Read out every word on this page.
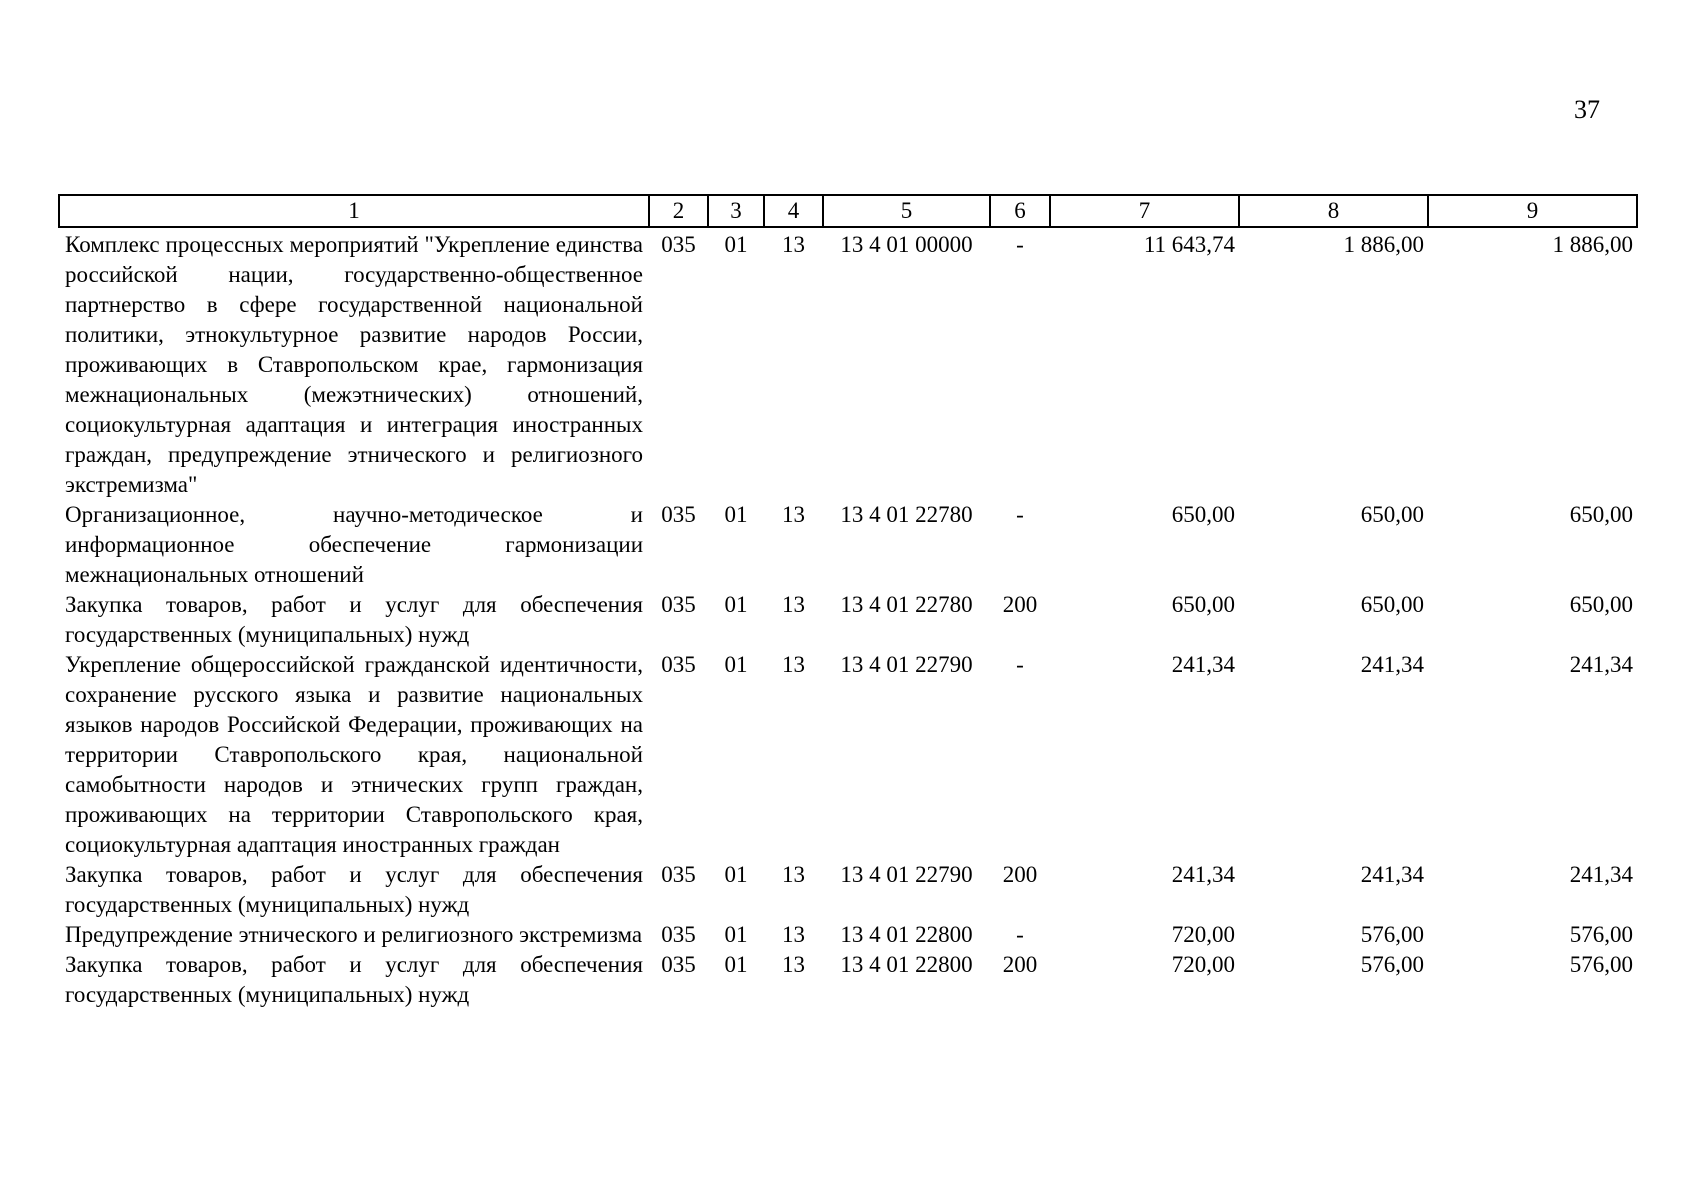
37
1	2	3	4	5	6	7	8	9
Комплекс процессных мероприятий "Укрепление единства российской нации, государственно-общественное партнерство в сфере государственной национальной политики, этнокультурное развитие народов России, проживающих в Ставропольском крае, гармонизация межнациональных (межэтнических) отношений, социокультурная адаптация и интеграция иностранных граждан, предупреждение этнического и религиозного экстремизма"	035	01	13	13 4 01 00000	-	11 643,74	1 886,00	1 886,00
Организационное, научно-методическое и информационное обеспечение гармонизации межнациональных отношений	035	01	13	13 4 01 22780	-	650,00	650,00	650,00
Закупка товаров, работ и услуг для обеспечения государственных (муниципальных) нужд	035	01	13	13 4 01 22780	200	650,00	650,00	650,00
Укрепление общероссийской гражданской идентичности, сохранение русского языка и развитие национальных языков народов Российской Федерации, проживающих на территории Ставропольского края, национальной самобытности народов и этнических групп граждан, проживающих на территории Ставропольского края, социокультурная адаптация иностранных граждан	035	01	13	13 4 01 22790	-	241,34	241,34	241,34
Закупка товаров, работ и услуг для обеспечения государственных (муниципальных) нужд	035	01	13	13 4 01 22790	200	241,34	241,34	241,34
Предупреждение этнического и религиозного экстремизма	035	01	13	13 4 01 22800	-	720,00	576,00	576,00
Закупка товаров, работ и услуг для обеспечения государственных (муниципальных) нужд	035	01	13	13 4 01 22800	200	720,00	576,00	576,00
